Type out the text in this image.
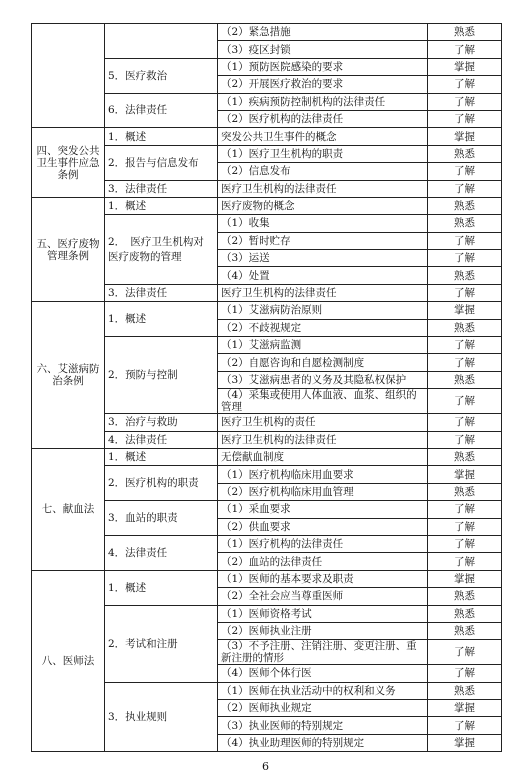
		（2）紧急措施	熟悉
		（3）疫区封锁	了解
	5．医疗救治	（1）预防医院感染的要求	掌握
		（2）开展医疗救治的要求	了解
	6．法律责任	（1）疾病预防控制机构的法律责任	了解
		（2）医疗机构的法律责任	了解
四、突发公共卫生事件应急条例	1．概述	突发公共卫生事件的概念	掌握
	2．报告与信息发布	（1）医疗卫生机构的职责	熟悉
		（2）信息发布	了解
	3．法律责任	医疗卫生机构的法律责任	了解
五、医疗废物管理条例	1．概述	医疗废物的概念	熟悉
	2．　医疗卫生机构对医疗废物的管理	（1）收集	熟悉
		（2）暂时贮存	了解
		（3）运送	了解
		（4）处置	熟悉
	3．法律责任	医疗卫生机构的法律责任	了解
六、艾滋病防治条例	1．概述	（1）艾滋病防治原则	掌握
		（2）不歧视规定	熟悉
	2．预防与控制	（1）艾滋病监测	了解
		（2）自愿咨询和自愿检测制度	了解
		（3）艾滋病患者的义务及其隐私权保护	熟悉
		（4）采集或使用人体血液、血浆、组织的管理	了解
	3．治疗与救助	医疗卫生机构的责任	了解
	4．法律责任	医疗卫生机构的法律责任	了解
七、献血法	1．概述	无偿献血制度	熟悉
	2．医疗机构的职责	（1）医疗机构临床用血要求	掌握
		（2）医疗机构临床用血管理	熟悉
	3．血站的职责	（1）采血要求	了解
		（2）供血要求	了解
	4．法律责任	（1）医疗机构的法律责任	了解
		（2）血站的法律责任	了解
八、医师法	1．概述	（1）医师的基本要求及职责	掌握
		（2）全社会应当尊重医师	熟悉
	2．考试和注册	（1）医师资格考试	熟悉
		（2）医师执业注册	熟悉
		（3）不予注册、注销注册、变更注册、重新注册的情形	了解
		（4）医师个体行医	了解
	3．执业规则	（1）医师在执业活动中的权利和义务	熟悉
		（2）医师执业规定	掌握
		（3）执业医师的特别规定	了解
		（4）执业助理医师的特别规定	掌握
6
